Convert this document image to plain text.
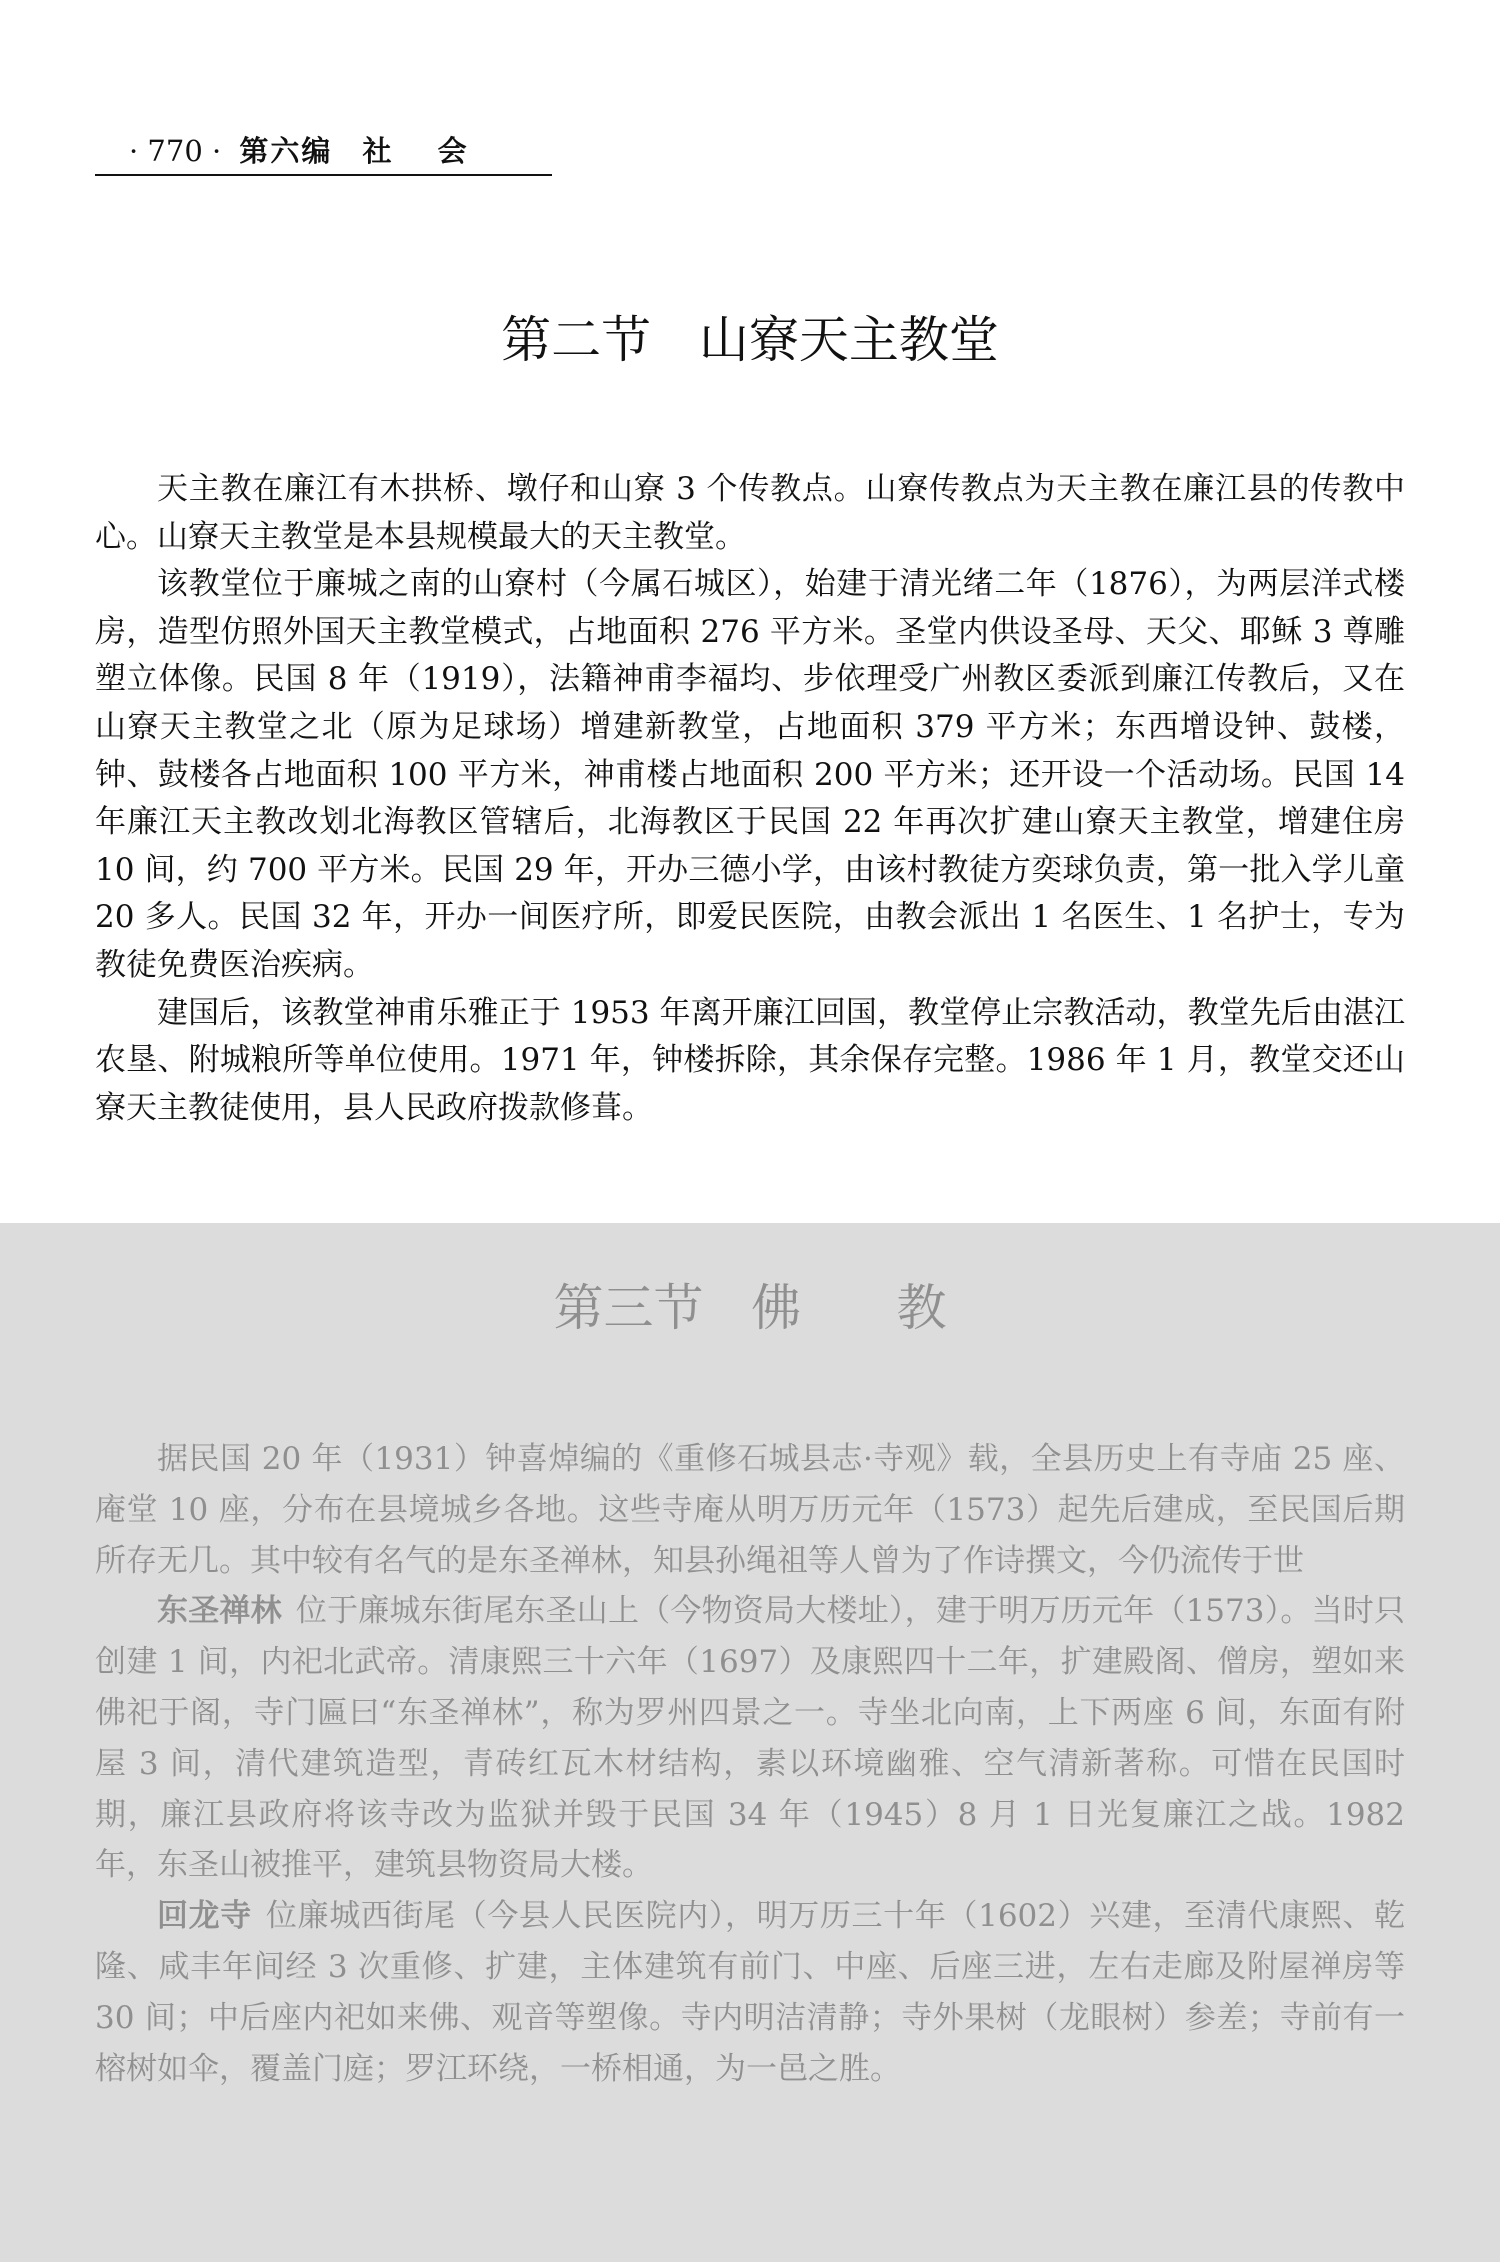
· 770 · 第六编 社 会
第二节   山寮天主教堂

天主教在廉江有木拱桥、墩仔和山寮 3 个传教点。山寮传教点为天主教在廉江县的传教中心。山寮天主教堂是本县规模最大的天主教堂。

该教堂位于廉城之南的山寮村（今属石城区），始建于清光绪二年（1876），为两层洋式楼房，造型仿照外国天主教堂模式，占地面积 276 平方米。圣堂内供设圣母、天父、耶稣 3 尊雕塑立体像。民国 8 年（1919），法籍神甫李福均、步依理受广州教区委派到廉江传教后，又在山寮天主教堂之北（原为足球场）增建新教堂，占地面积 379 平方米；东西增设钟、鼓楼，钟、鼓楼各占地面积 100 平方米，神甫楼占地面积 200 平方米；还开设一个活动场。民国 14 年廉江天主教改划北海教区管辖后，北海教区于民国 22 年再次扩建山寮天主教堂，增建住房 10 间，约 700 平方米。民国 29 年，开办三德小学，由该村教徒方奕球负责，第一批入学儿童 20 多人。民国 32 年，开办一间医疗所，即爱民医院，由教会派出 1 名医生、1 名护士，专为教徒免费医治疾病。

建国后，该教堂神甫乐雅正于 1953 年离开廉江回国，教堂停止宗教活动，教堂先后由湛江农垦、附城粮所等单位使用。1971 年，钟楼拆除，其余保存完整。1986 年 1 月，教堂交还山寮天主教徒使用，县人民政府拨款修葺。

第三节   佛      教

据民国 20 年（1931）钟喜焯编的《重修石城县志·寺观》载，全县历史上有寺庙 25 座、庵堂 10 座，分布在县境城乡各地。这些寺庵从明万历元年（1573）起先后建成，至民国后期所存无几。其中较有名气的是东圣禅林，知县孙绳祖等人曾为了作诗撰文，今仍流传于世

东圣禅林 位于廉城东街尾东圣山上（今物资局大楼址），建于明万历元年（1573）。当时只创建 1 间，内祀北武帝。清康熙三十六年（1697）及康熙四十二年，扩建殿阁、僧房，塑如来佛祀于阁，寺门匾曰“东圣禅林”，称为罗州四景之一。寺坐北向南，上下两座 6 间，东面有附屋 3 间，清代建筑造型，青砖红瓦木材结构，素以环境幽雅、空气清新著称。可惜在民国时期，廉江县政府将该寺改为监狱并毁于民国 34 年（1945）8 月 1 日光复廉江之战。1982 年，东圣山被推平，建筑县物资局大楼。

回龙寺 位廉城西街尾（今县人民医院内），明万历三十年（1602）兴建，至清代康熙、乾隆、咸丰年间经 3 次重修、扩建，主体建筑有前门、中座、后座三进，左右走廊及附屋禅房等 30 间；中后座内祀如来佛、观音等塑像。寺内明洁清静；寺外果树（龙眼树）参差；寺前有一榕树如伞，覆盖门庭；罗江环绕，一桥相通，为一邑之胜。
